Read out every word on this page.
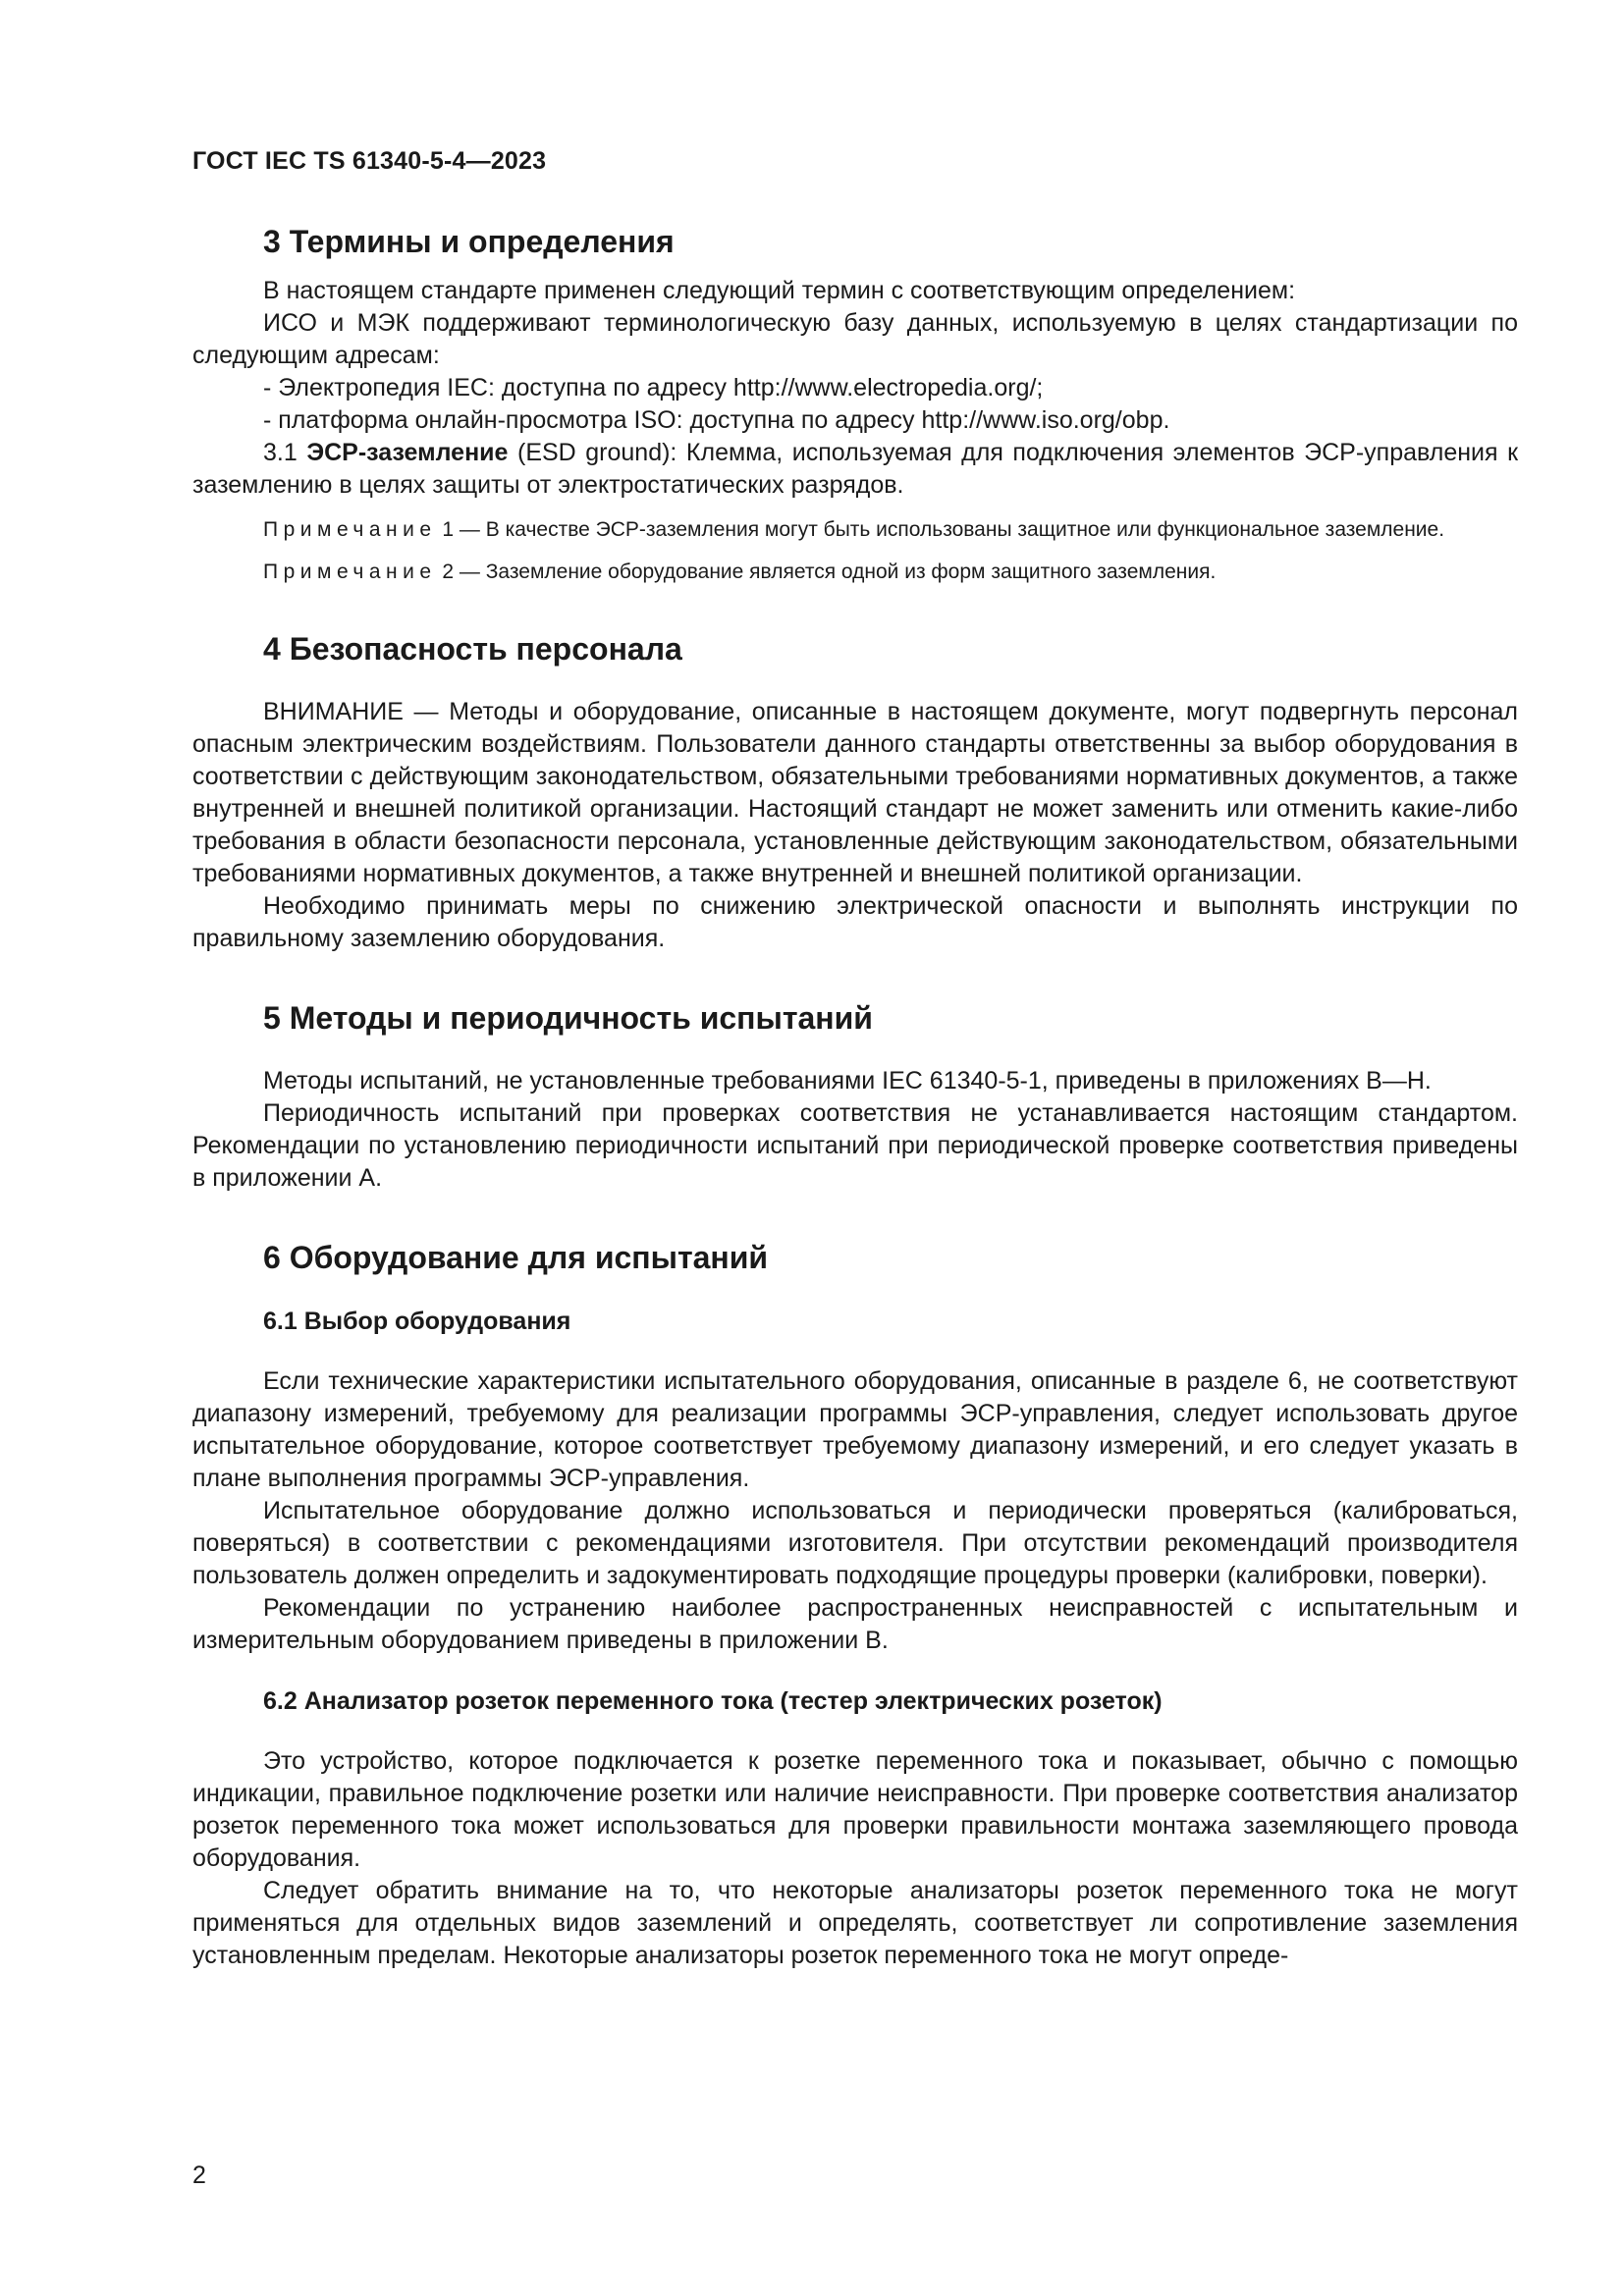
ГОСТ IEC TS 61340-5-4—2023
3 Термины и определения

В настоящем стандарте применен следующий термин с соответствующим определением:

ИСО и МЭК поддерживают терминологическую базу данных, используемую в целях стандартизации по следующим адресам:

- Электропедия IEC: доступна по адресу http://www.electropedia.org/;

- платформа онлайн-просмотра ISO: доступна по адресу http://www.iso.org/obp.

3.1 ЭСР-заземление (ESD ground): Клемма, используемая для подключения элементов ЭСР-управления к заземлению в целях защиты от электростатических разрядов.

Примечание 1 — В качестве ЭСР-заземления могут быть использованы защитное или функциональное заземление.

Примечание 2 — Заземление оборудование является одной из форм защитного заземления.

4 Безопасность персонала

ВНИМАНИЕ — Методы и оборудование, описанные в настоящем документе, могут подвергнуть персонал опасным электрическим воздействиям. Пользователи данного стандарты ответственны за выбор оборудования в соответствии с действующим законодательством, обязательными требованиями нормативных документов, а также внутренней и внешней политикой организации. Настоящий стандарт не может заменить или отменить какие-либо требования в области безопасности персонала, установленные действующим законодательством, обязательными требованиями нормативных документов, а также внутренней и внешней политикой организации.

Необходимо принимать меры по снижению электрической опасности и выполнять инструкции по правильному заземлению оборудования.

5 Методы и периодичность испытаний

Методы испытаний, не установленные требованиями IEC 61340-5-1, приведены в приложениях B—H.

Периодичность испытаний при проверках соответствия не устанавливается настоящим стандартом. Рекомендации по установлению периодичности испытаний при периодической проверке соответствия приведены в приложении А.

6 Оборудование для испытаний
6.1 Выбор оборудования

Если технические характеристики испытательного оборудования, описанные в разделе 6, не соответствуют диапазону измерений, требуемому для реализации программы ЭСР-управления, следует использовать другое испытательное оборудование, которое соответствует требуемому диапазону измерений, и его следует указать в плане выполнения программы ЭСР-управления.

Испытательное оборудование должно использоваться и периодически проверяться (калиброваться, поверяться) в соответствии с рекомендациями изготовителя. При отсутствии рекомендаций производителя пользователь должен определить и задокументировать подходящие процедуры проверки (калибровки, поверки).

Рекомендации по устранению наиболее распространенных неисправностей с испытательным и измерительным оборудованием приведены в приложении В.

6.2 Анализатор розеток переменного тока (тестер электрических розеток)

Это устройство, которое подключается к розетке переменного тока и показывает, обычно с помощью индикации, правильное подключение розетки или наличие неисправности. При проверке соответствия анализатор розеток переменного тока может использоваться для проверки правильности монтажа заземляющего провода оборудования.

Следует обратить внимание на то, что некоторые анализаторы розеток переменного тока не могут применяться для отдельных видов заземлений и определять, соответствует ли сопротивление заземления установленным пределам. Некоторые анализаторы розеток переменного тока не могут опреде-

2
